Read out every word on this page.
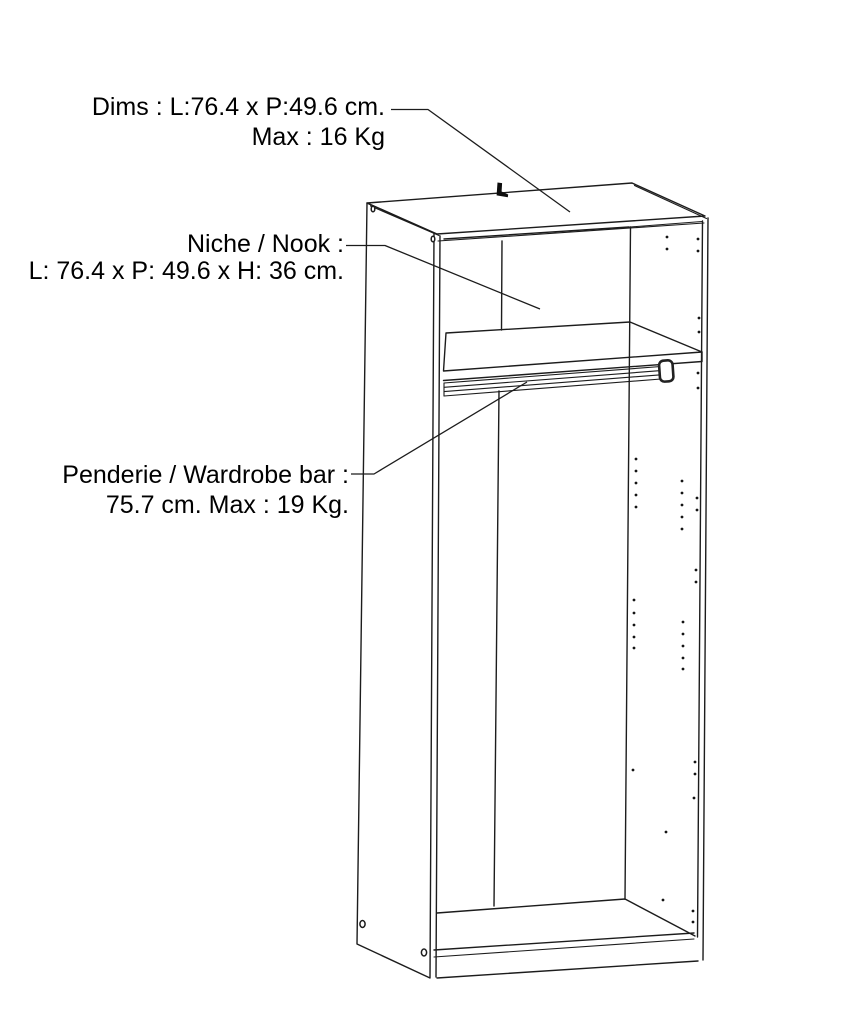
Dims : L:76.4 x P:49.6 cm.
Max : 16 Kg
Niche / Nook :
L: 76.4 x P: 49.6 x H: 36 cm.
Penderie / Wardrobe bar :
75.7 cm. Max : 19 Kg.
